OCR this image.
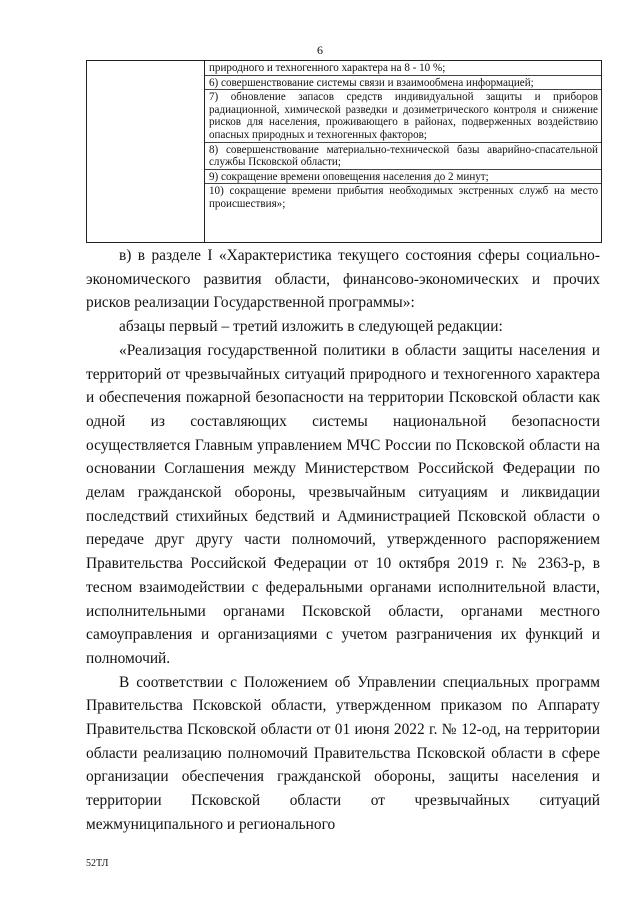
6
природного и техногенного характера на 8 - 10 %;
6) совершенствование системы связи и взаимообмена информацией;
7) обновление запасов средств индивидуальной защиты и приборов радиационной, химической разведки и дозиметрического контроля и снижение рисков для населения, проживающего в районах, подверженных воздействию опасных природных и техногенных факторов;
8) совершенствование материально-технической базы аварийно-спасательной службы Псковской области;
9) сокращение времени оповещения населения до 2 минут;
10) сокращение времени прибытия необходимых экстренных служб на место происшествия»;

в) в разделе I «Характеристика текущего состояния сферы социально-экономического развития области, финансово-экономических и прочих рисков реализации Государственной программы»:

абзацы первый – третий изложить в следующей редакции:

«Реализация государственной политики в области защиты населения и территорий от чрезвычайных ситуаций природного и техногенного характера и обеспечения пожарной безопасности на территории Псковской области как одной из составляющих системы национальной безопасности осуществляется Главным управлением МЧС России по Псковской области на основании Соглашения между Министерством Российской Федерации по делам гражданской обороны, чрезвычайным ситуациям и ликвидации последствий стихийных бедствий и Администрацией Псковской области о передаче друг другу части полномочий, утвержденного распоряжением Правительства Российской Федерации от 10 октября 2019 г. № 2363-р, в тесном взаимодействии с федеральными органами исполнительной власти, исполнительными органами Псковской области, органами местного самоуправления и организациями с учетом разграничения их функций и полномочий.

В соответствии с Положением об Управлении специальных программ Правительства Псковской области, утвержденном приказом по Аппарату Правительства Псковской области от 01 июня 2022 г. № 12-од, на территории области реализацию полномочий Правительства Псковской области в сфере организации обеспечения гражданской обороны, защиты населения и территории Псковской области от чрезвычайных ситуаций межмуниципального и регионального

52ТЛ
